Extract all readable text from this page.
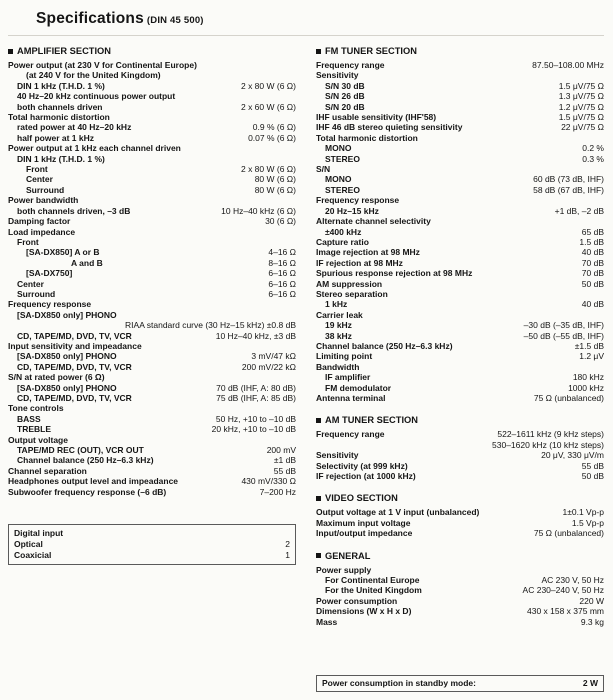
Specifications (DIN 45 500)
AMPLIFIER SECTION
Power output (at 230 V for Continental Europe)
(at 240 V for the United Kingdom)
DIN 1 kHz (T.H.D. 1 %)	2 x 80 W (6 Ω)
40 Hz–20 kHz continuous power output
both channels driven	2 x 60 W (6 Ω)
Total harmonic distortion
rated power at 40 Hz–20 kHz	0.9 % (6 Ω)
half power at 1 kHz	0.07 % (6 Ω)
Power output at 1 kHz each channel driven
DIN 1 kHz (T.H.D. 1 %)
Front	2 x 80 W (6 Ω)
Center	80 W (6 Ω)
Surround	80 W (6 Ω)
Power bandwidth
both channels driven, –3 dB	10 Hz–40 kHz (6 Ω)
Damping factor	30 (6 Ω)
Load impedance
Front
[SA-DX850] A or B	4–16 Ω
A and B	8–16 Ω
[SA-DX750]	6–16 Ω
Center	6–16 Ω
Surround	6–16 Ω
Frequency response
[SA-DX850 only] PHONO
RIAA standard curve (30 Hz–15 kHz) ±0.8 dB
CD, TAPE/MD, DVD, TV, VCR	10 Hz–40 kHz, ±3 dB
Input sensitivity and impeadance
[SA-DX850 only] PHONO	3 mV/47 kΩ
CD, TAPE/MD, DVD, TV, VCR	200 mV/22 kΩ
S/N at rated power (6 Ω)
[SA-DX850 only] PHONO	70 dB (IHF, A: 80 dB)
CD, TAPE/MD, DVD, TV, VCR	75 dB (IHF, A: 85 dB)
Tone controls
BASS	50 Hz, +10 to –10 dB
TREBLE	20 kHz, +10 to –10 dB
Output voltage
TAPE/MD REC (OUT), VCR OUT	200 mV
Channel balance (250 Hz–6.3 kHz)	±1 dB
Channel separation	55 dB
Headphones output level and impeadance	430 mV/330 Ω
Subwoofer frequency response (–6 dB)	7–200 Hz
Digital input
Optical	2
Coaxicial	1
FM TUNER SECTION
Frequency range	87.50–108.00 MHz
Sensitivity
S/N 30 dB	1.5 μV/75 Ω
S/N 26 dB	1.3 μV/75 Ω
S/N 20 dB	1.2 μV/75 Ω
IHF usable sensitivity (IHF'58)	1.5 μV/75 Ω
IHF 46 dB stereo quieting sensitivity	22 μV/75 Ω
Total harmonic distortion
MONO	0.2 %
STEREO	0.3 %
S/N
MONO	60 dB (73 dB, IHF)
STEREO	58 dB (67 dB, IHF)
Frequency response
20 Hz–15 kHz	+1 dB, –2 dB
Alternate channel selectivity
±400 kHz	65 dB
Capture ratio	1.5 dB
Image rejection at 98 MHz	40 dB
IF rejection at 98 MHz	70 dB
Spurious response rejection at 98 MHz	70 dB
AM suppression	50 dB
Stereo separation
1 kHz	40 dB
Carrier leak
19 kHz	–30 dB (–35 dB, IHF)
38 kHz	–50 dB (–55 dB, IHF)
Channel balance (250 Hz–6.3 kHz)	±1.5 dB
Limiting point	1.2 μV
Bandwidth
IF amplifier	180 kHz
FM demodulator	1000 kHz
Antenna terminal	75 Ω (unbalanced)
AM TUNER SECTION
Frequency range	522–1611 kHz (9 kHz steps)
530–1620 kHz (10 kHz steps)
Sensitivity	20 μV, 330 μV/m
Selectivity (at 999 kHz)	55 dB
IF rejection (at 1000 kHz)	50 dB
VIDEO SECTION
Output voltage at 1 V input (unbalanced)	1±0.1 Vp-p
Maximum input voltage	1.5 Vp-p
Input/output impedance	75 Ω (unbalanced)
GENERAL
Power supply
For Continental Europe	AC 230 V, 50 Hz
For the United Kingdom	AC 230–240 V, 50 Hz
Power consumption	220 W
Dimensions (W x H x D)	430 x 158 x 375 mm
Mass	9.3 kg
Power consumption in standby mode:	2 W
